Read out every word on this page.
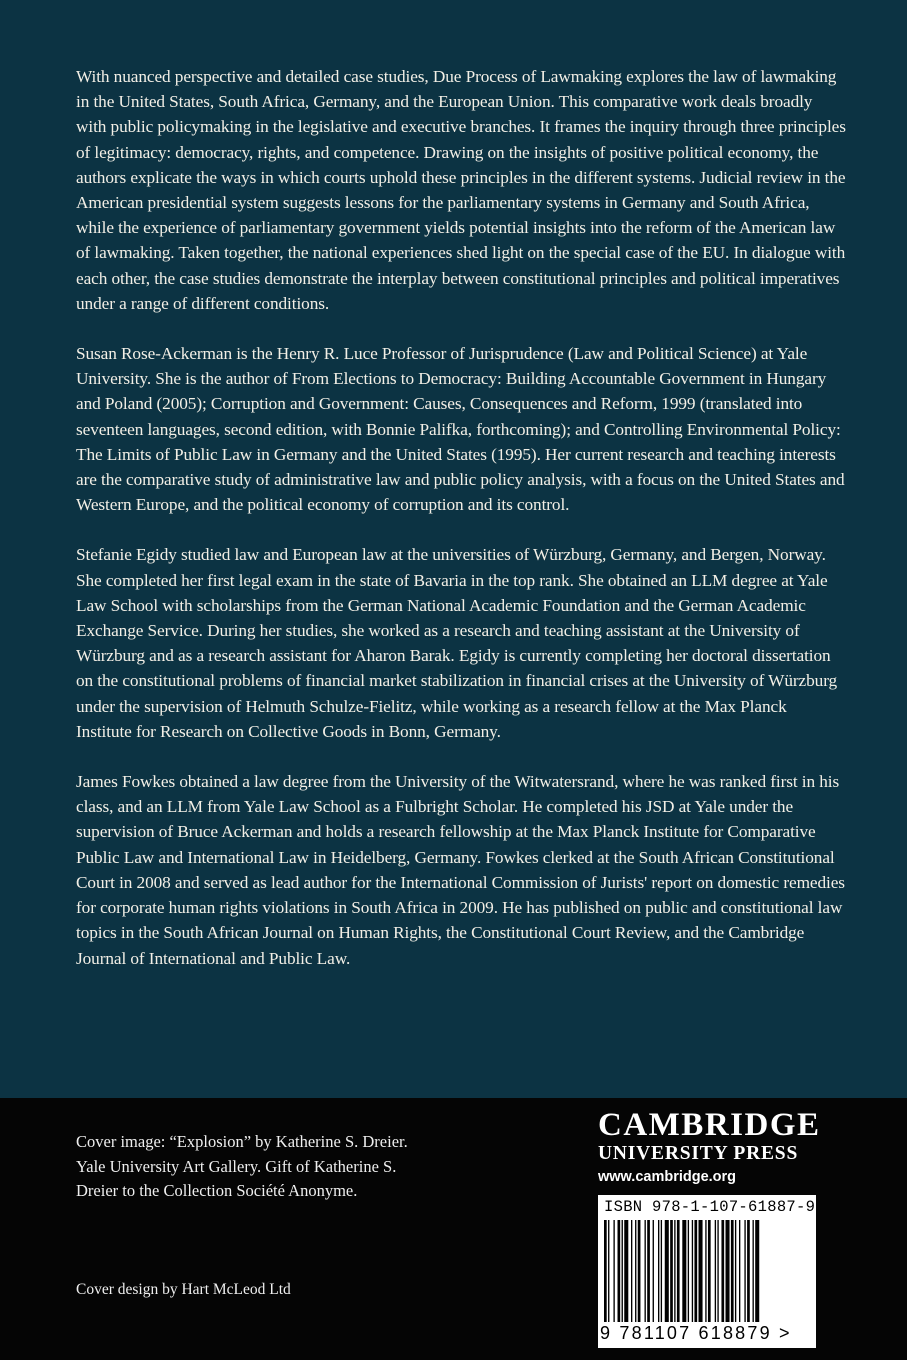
With nuanced perspective and detailed case studies, Due Process of Lawmaking explores the law of lawmaking in the United States, South Africa, Germany, and the European Union. This comparative work deals broadly with public policymaking in the legislative and executive branches. It frames the inquiry through three principles of legitimacy: democracy, rights, and competence. Drawing on the insights of positive political economy, the authors explicate the ways in which courts uphold these principles in the different systems. Judicial review in the American presidential system suggests lessons for the parliamentary systems in Germany and South Africa, while the experience of parliamentary government yields potential insights into the reform of the American law of lawmaking. Taken together, the national experiences shed light on the special case of the EU. In dialogue with each other, the case studies demonstrate the interplay between constitutional principles and political imperatives under a range of different conditions.

Susan Rose-Ackerman is the Henry R. Luce Professor of Jurisprudence (Law and Political Science) at Yale University. She is the author of From Elections to Democracy: Building Accountable Government in Hungary and Poland (2005); Corruption and Government: Causes, Consequences and Reform, 1999 (translated into seventeen languages, second edition, with Bonnie Palifka, forthcoming); and Controlling Environmental Policy: The Limits of Public Law in Germany and the United States (1995). Her current research and teaching interests are the comparative study of administrative law and public policy analysis, with a focus on the United States and Western Europe, and the political economy of corruption and its control.

Stefanie Egidy studied law and European law at the universities of Würzburg, Germany, and Bergen, Norway. She completed her first legal exam in the state of Bavaria in the top rank. She obtained an LLM degree at Yale Law School with scholarships from the German National Academic Foundation and the German Academic Exchange Service. During her studies, she worked as a research and teaching assistant at the University of Würzburg and as a research assistant for Aharon Barak. Egidy is currently completing her doctoral dissertation on the constitutional problems of financial market stabilization in financial crises at the University of Würzburg under the supervision of Helmuth Schulze-Fielitz, while working as a research fellow at the Max Planck Institute for Research on Collective Goods in Bonn, Germany.

James Fowkes obtained a law degree from the University of the Witwatersrand, where he was ranked first in his class, and an LLM from Yale Law School as a Fulbright Scholar. He completed his JSD at Yale under the supervision of Bruce Ackerman and holds a research fellowship at the Max Planck Institute for Comparative Public Law and International Law in Heidelberg, Germany. Fowkes clerked at the South African Constitutional Court in 2008 and served as lead author for the International Commission of Jurists' report on domestic remedies for corporate human rights violations in South Africa in 2009. He has published on public and constitutional law topics in the South African Journal on Human Rights, the Constitutional Court Review, and the Cambridge Journal of International and Public Law.

Cover image: “Explosion” by Katherine S. Dreier. Yale University Art Gallery. Gift of Katherine S. Dreier to the Collection Société Anonyme.

Cover design by Hart McLeod Ltd

CAMBRIDGE

UNIVERSITY PRESS

www.cambridge.org
ISBN 978-1-107-61887-9
9 781107 618879 >
